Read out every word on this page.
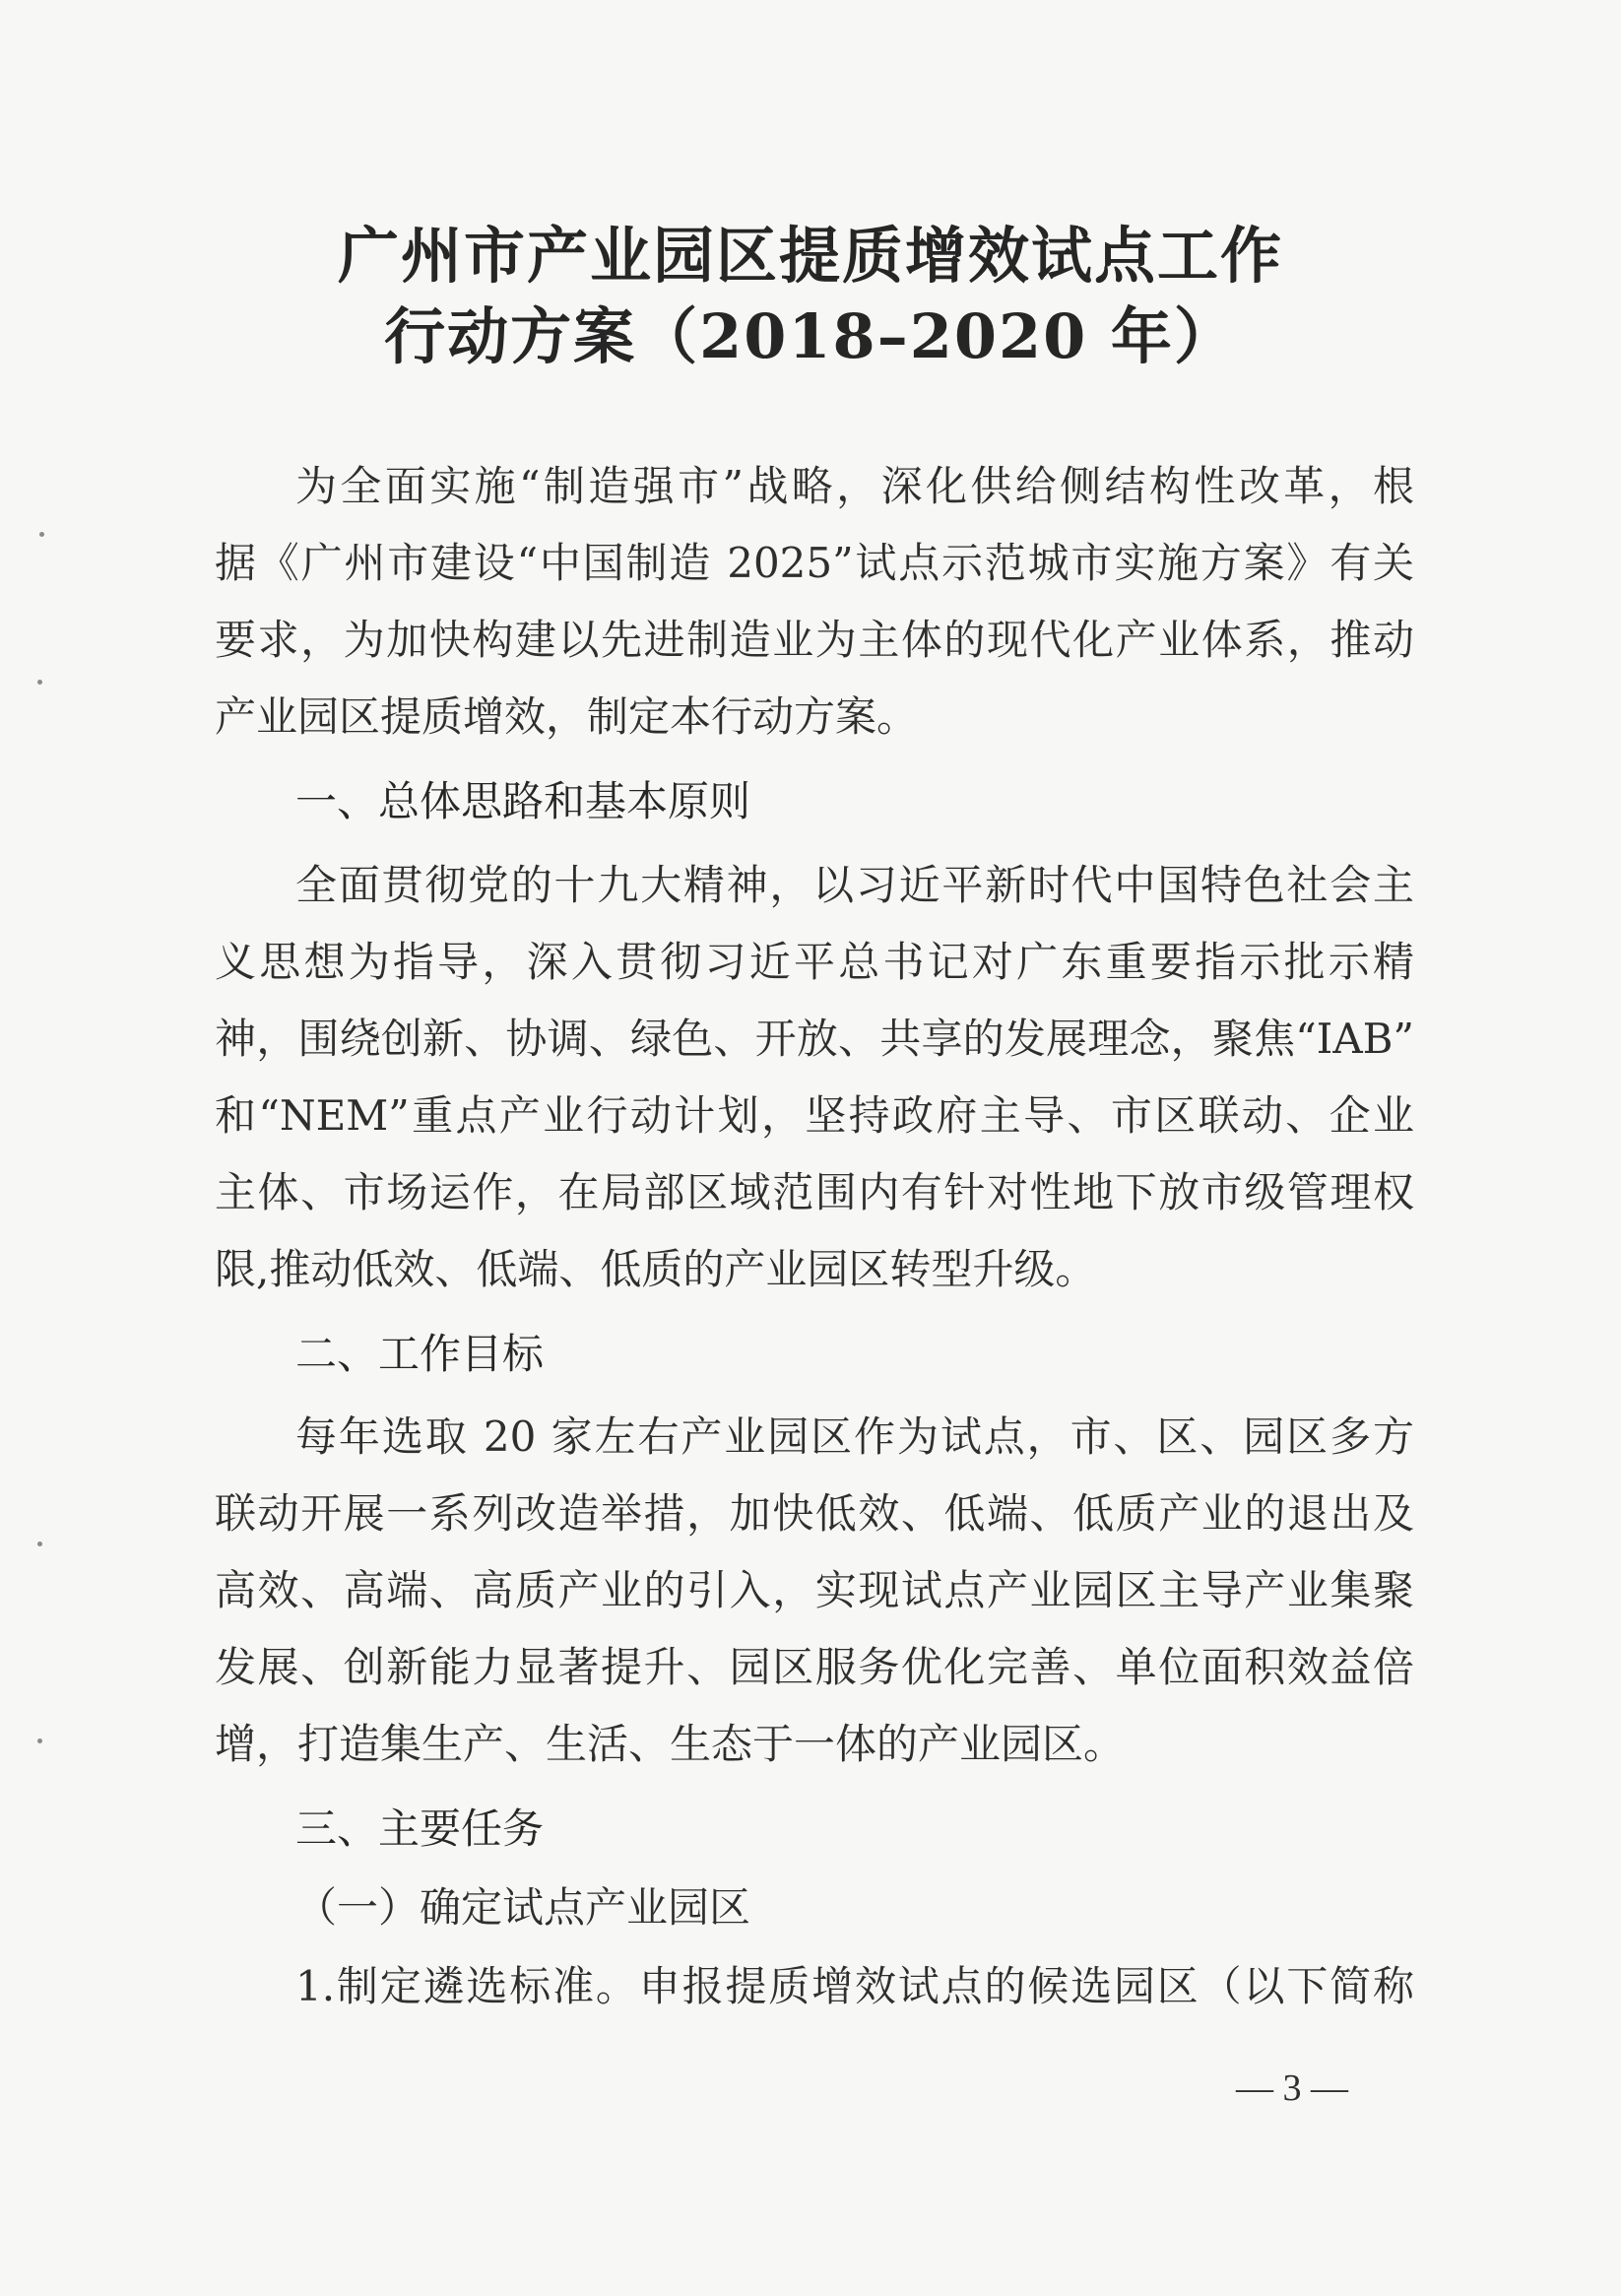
广州市产业园区提质增效试点工作
行动方案（2018–2020 年）
为全面实施“制造强市”战略，深化供给侧结构性改革，根
据《广州市建设“中国制造 2025”试点示范城市实施方案》有关
要求，为加快构建以先进制造业为主体的现代化产业体系，推动
产业园区提质增效，制定本行动方案。
一、总体思路和基本原则
全面贯彻党的十九大精神，以习近平新时代中国特色社会主
义思想为指导，深入贯彻习近平总书记对广东重要指示批示精
神，围绕创新、协调、绿色、开放、共享的发展理念，聚焦“IAB”
和“NEM”重点产业行动计划，坚持政府主导、市区联动、企业
主体、市场运作，在局部区域范围内有针对性地下放市级管理权
限,推动低效、低端、低质的产业园区转型升级。
二、工作目标
每年选取 20 家左右产业园区作为试点，市、区、园区多方
联动开展一系列改造举措，加快低效、低端、低质产业的退出及
高效、高端、高质产业的引入，实现试点产业园区主导产业集聚
发展、创新能力显著提升、园区服务优化完善、单位面积效益倍
增，打造集生产、生活、生态于一体的产业园区。
三、主要任务
（一）确定试点产业园区
1.制定遴选标准。申报提质增效试点的候选园区（以下简称
— 3 —
